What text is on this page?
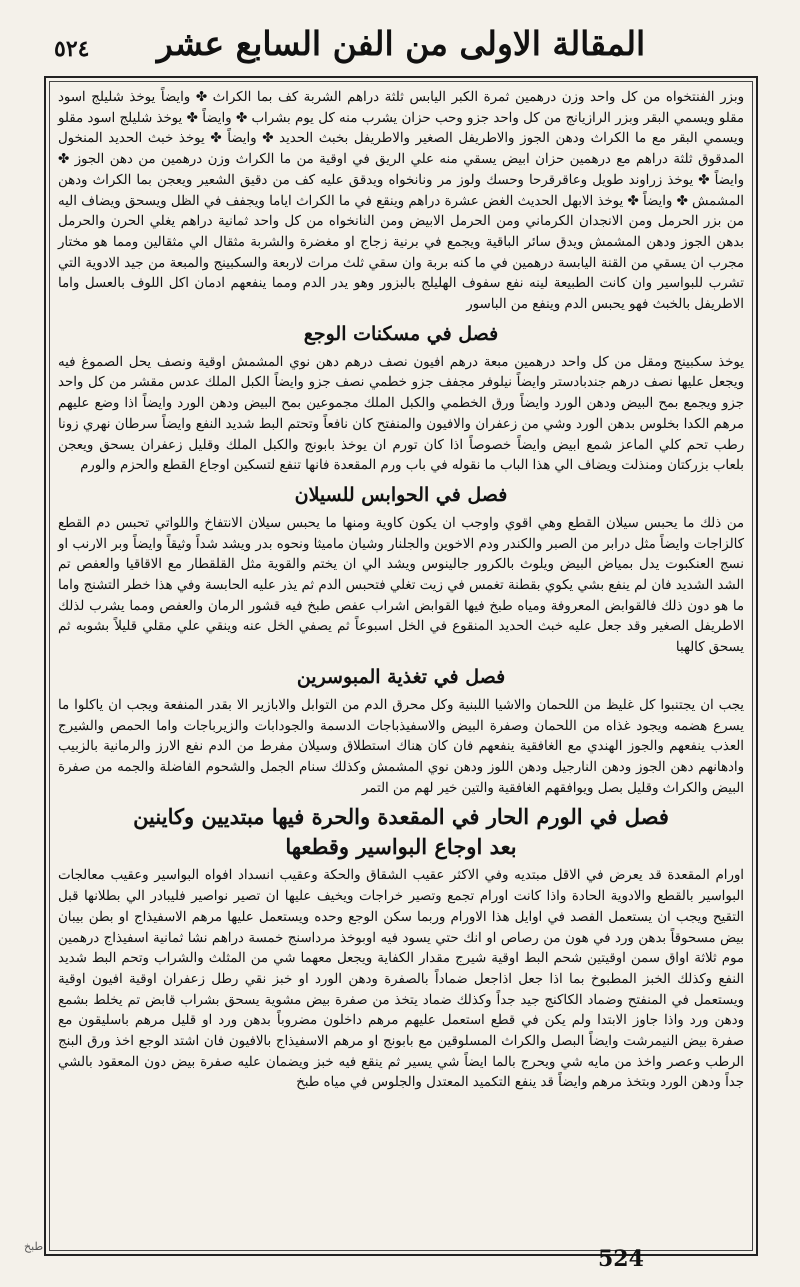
٥٢٤	المقالة الاولى من الفن السابع عشر

وبزر الفنتخواه من كل واحد وزن درهمين ثمرة الكبر اليابس ثلثة دراهم الشربة كف بما الكراث ✤ وايضاً يوخذ شليلج اسود مقلو ويسمي البقر وبزر الرازيانج من كل واحد جزو وحب حزان يشرب منه كل يوم بشراب ✤ وايضاً ✤ يوخذ شليلج اسود مقلو ويسمي البقر مع ما الكراث ودهن الجوز والاطريفل الصغير والاطريفل بخبث الحديد ✤ وايضاً ✤ يوخذ خبث الحديد المنخول المدقوق ثلثة دراهم مع درهمين حزان ابيض يسقي منه علي الريق في اوقية من ما الكراث وزن درهمين من دهن الجوز ✤ وايضاً ✤ يوخذ زراوند طويل وعاقرقرحا وحسك ولوز مر ونانخواه ويدقق عليه كف من دقيق الشعير ويعجن بما الكراث ودهن المشمش ✤ وايضاً ✤ يوخذ الابهل الحديث الغض عشرة دراهم وينقع في ما الكراث اياما ويجفف في الظل ويسحق ويضاف اليه من بزر الحرمل ومن الانجدان الكرماني ومن الحرمل الابيض ومن النانخواه من كل واحد ثمانية دراهم يغلي الحرن والحرمل بدهن الجوز ودهن المشمش ويدق سائر الباقية ويجمع في برنية زجاج او مغضرة والشربة مثقال الي مثقالين ومما هو مختار مجرب ان يسقي من القنة اليابسة درهمين في ما كنه بربة وان سقي ثلث مرات لاربعة والسكبينج والمبعة من جيد الادوية التي تشرب للبواسير وان كانت الطبيعة لينه نفع سفوف الهليلج بالبزور وهو يدر الدم ومما ينفعهم ادمان اكل اللوف بالعسل واما الاطريفل بالخبث فهو يحبس الدم وينفع من الباسور

فصل في مسكنات الوجع

يوخذ سكبينج ومقل من كل واحد درهمين مبعة درهم افيون نصف درهم دهن نوي المشمش اوقية ونصف يحل الصموغ فيه ويجعل عليها نصف درهم جندبادستر وايضاً نيلوفر مجفف جزو خطمي نصف جزو وايضاً الكبل الملك عدس مقشر من كل واحد جزو ويجمع بمح البيض ودهن الورد وايضاً ورق الخطمي والكبل الملك مجموعين بمح البيض ودهن الورد وايضاً اذا وضع عليهم مرهم الكدا بخلوس بدهن الورد وشي من زعفران والافيون والمنفتح كان نافعاً وتحتم البط شديد النفع وايضاً سرطان نهري زونا رطب تحم كلي الماعز شمع ابيض وايضاً خصوصاً اذا كان تورم ان يوخذ بابونج والكبل الملك وقليل زعفران يسحق ويعجن بلعاب بزركتان ومنذلت ويضاف الي هذا الباب ما نقوله في باب ورم المقعدة فانها تنفع لتسكين اوجاع القطع والحزم والورم

فصل في الحوابس للسيلان

من ذلك ما يحبس سيلان القطع وهي اقوي واوجب ان يكون كاوية ومنها ما يحبس سيلان الانتفاخ واللواتي تحبس دم القطع كالزاجات وايضاً مثل درابر من الصبر والكندر ودم الاخوين والجلنار وشيان ماميثا ونحوه بدر ويشد شداً وثيقاً وايضاً وبر الارنب او نسج العنكبوت يدل بمياض البيض ويلوث بالكرور جالينوس ويشد الي ان يختم والقوية مثل القلقطار مع الاقاقيا والعفص تم الشد الشديد فان لم ينفع بشي يكوي بقطنة تغمس في زيت تغلي فتحبس الدم ثم يذر عليه الحابسة وفي هذا خطر التشنج واما ما هو دون ذلك فالقوابض المعروفة ومياه طبخ فيها القوابض اشراب عفص طبخ فيه قشور الرمان والعفص ومما يشرب لذلك الاطريفل الصغير وقد جعل عليه خبث الحديد المنقوع في الخل اسبوعاً ثم يصفي الخل عنه وينقي علي مقلي قليلاً بشوبه ثم يسحق كالهبا

فصل في تغذية المبوسرين

يجب ان يجتنبوا كل غليظ من اللحمان والاشيا اللبنية وكل محرق الدم من التوابل والابازير الا بقدر المنفعة ويجب ان ياكلوا ما يسرع هضمه ويجود غذاه من اللحمان وصفرة البيض والاسفيذباجات الدسمة والجودابات والزيرباجات واما الحمص والشيرج العذب ينفعهم والجوز الهندي مع الغافقية ينفعهم فان كان هناك استطلاق وسيلان مفرط من الدم نفع الارز والرمانية بالزبيب وادهانهم دهن الجوز ودهن النارجيل ودهن اللوز ودهن نوي المشمش وكذلك سنام الجمل والشحوم الفاضلة والجمه من صفرة البيض والكراث وقليل بصل ويوافقهم الغافقية والتين خير لهم من التمر

فصل في الورم الحار في المقعدة والحرة فيها مبتديين وكاينين
بعد اوجاع البواسير وقطعها

اورام المقعدة قد يعرض في الاقل مبتديه وفي الاكثر عقيب الشقاق والحكة وعقيب انسداد افواه البواسير وعقيب معالجات البواسير بالقطع والادوية الحادة واذا كانت اورام تجمع وتصير خراجات ويخيف عليها ان تصير نواصير فليبادر الي بطلانها قبل التقيح ويجب ان يستعمل الفصد في اوايل هذا الاورام وربما سكن الوجع وحده ويستعمل عليها مرهم الاسفيذاج او بطن بيبان بيض مسحوقاً بدهن ورد في هون من رصاص او انك حتي يسود فيه اوبوخذ مرداسنج خمسة دراهم نشا ثمانية اسفيذاج درهمين موم ثلاثة اواق سمن اوقيتين شحم البط اوقية شيرج مقدار الكفاية ويجعل معهما شي من المثلث والشراب وتحم البط شديد النفع وكذلك الخبز المطبوخ بما اذا جعل اذاجعل ضماداً بالصفرة ودهن الورد او خبز نقي رطل زعفران اوقية افيون اوقية ويستعمل في المنفتح وضماد الكاكنج جيد جداً وكذلك ضماد يتخذ من صفرة بيض مشوية يسحق بشراب قابض تم يخلط بشمع ودهن ورد واذا جاوز الابتدا ولم يكن في قطع استعمل عليهم مرهم داخلون مضروباً بدهن ورد او قليل مرهم باسليقون مع صفرة بيض النيمرشت وايضاً البصل والكراث المسلوقين مع بابونج او مرهم الاسفيذاج بالافيون فان اشتد الوجع اخذ ورق البنج الرطب وعصر واخذ من مايه شي ويحرج بالما ايضاً شي يسير ثم ينقع فيه خبز ويضمان عليه صفرة بيض دون المعقود بالشي جداً ودهن الورد وبتخذ مرهم وايضاً قد ينفع التكميد المعتدل والجلوس في مياه طبخ

طبخ	524
